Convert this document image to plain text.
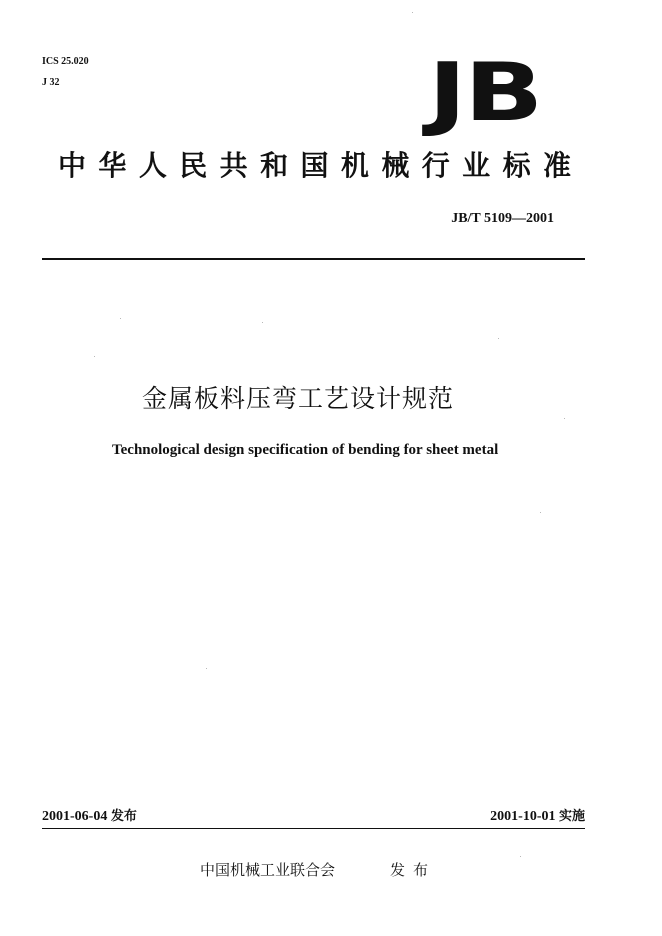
ICS 25.020
J 32	JB
中华人民共和国机械行业标准
JB/T 5109—2001
金属板料压弯工艺设计规范
Technological design specification of bending for sheet metal
2001-06-04 发布	2001-10-01 实施
中国机械工业联合会	发布
